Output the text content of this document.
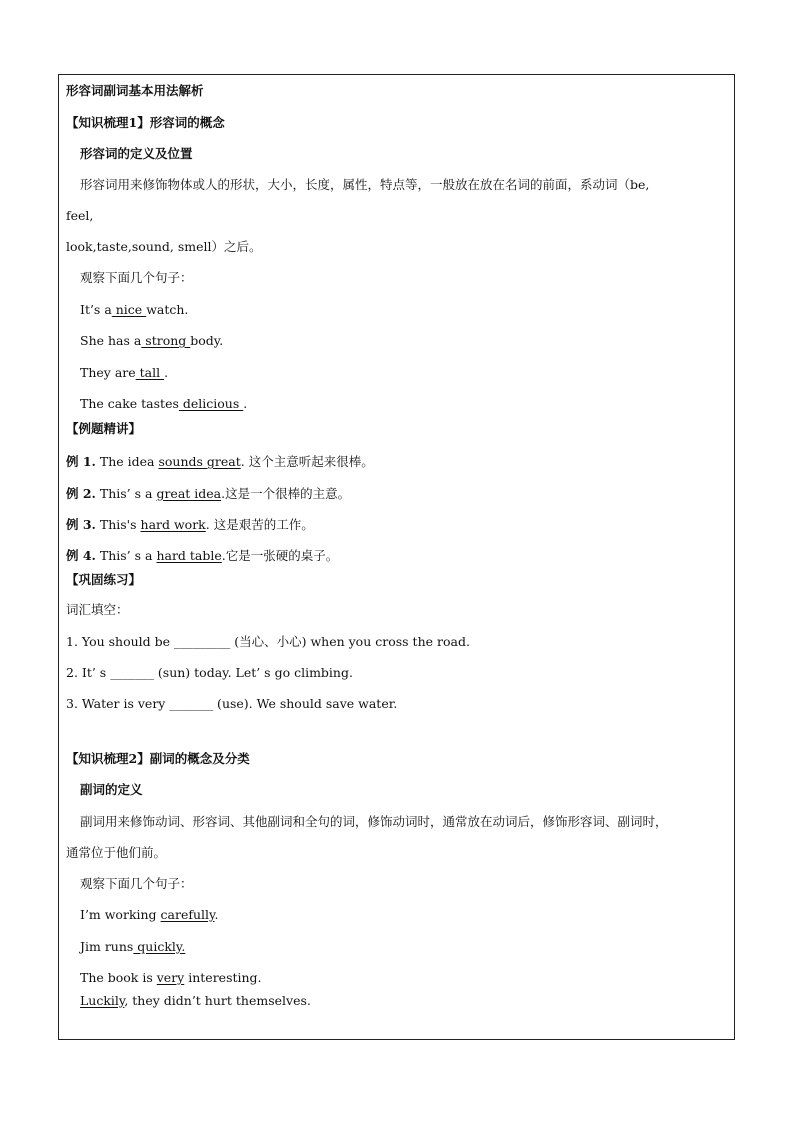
形容词副词基本用法解析
【知识梳理1】形容词的概念
形容词的定义及位置
形容词用来修饰物体或人的形状，大小，长度，属性，特点等，一般放在放在名词的前面，系动词（be,
feel,
look,taste,sound, smell）之后。
观察下面几个句子：
It’s a nice watch.
She has a strong body.
They are tall .
The cake tastes delicious .
【例题精讲】
例 1. The idea sounds great. 这个主意听起来很棒。
例 2. This’ s a great idea.这是一个很棒的主意。
例 3. This's hard work. 这是艰苦的工作。
例 4. This’ s a hard table.它是一张硬的桌子。
【巩固练习】
词汇填空：
1. You should be _________ (当心、小心) when you cross the road.
2. It’ s _______ (sun) today. Let’ s go climbing.
3. Water is very _______ (use). We should save water.
【知识梳理2】副词的概念及分类
副词的定义
副词用来修饰动词、形容词、其他副词和全句的词，修饰动词时，通常放在动词后，修饰形容词、副词时，
通常位于他们前。
观察下面几个句子：
I’m working carefully.
Jim runs quickly.
The book is very interesting.
Luckily, they didn’t hurt themselves.
